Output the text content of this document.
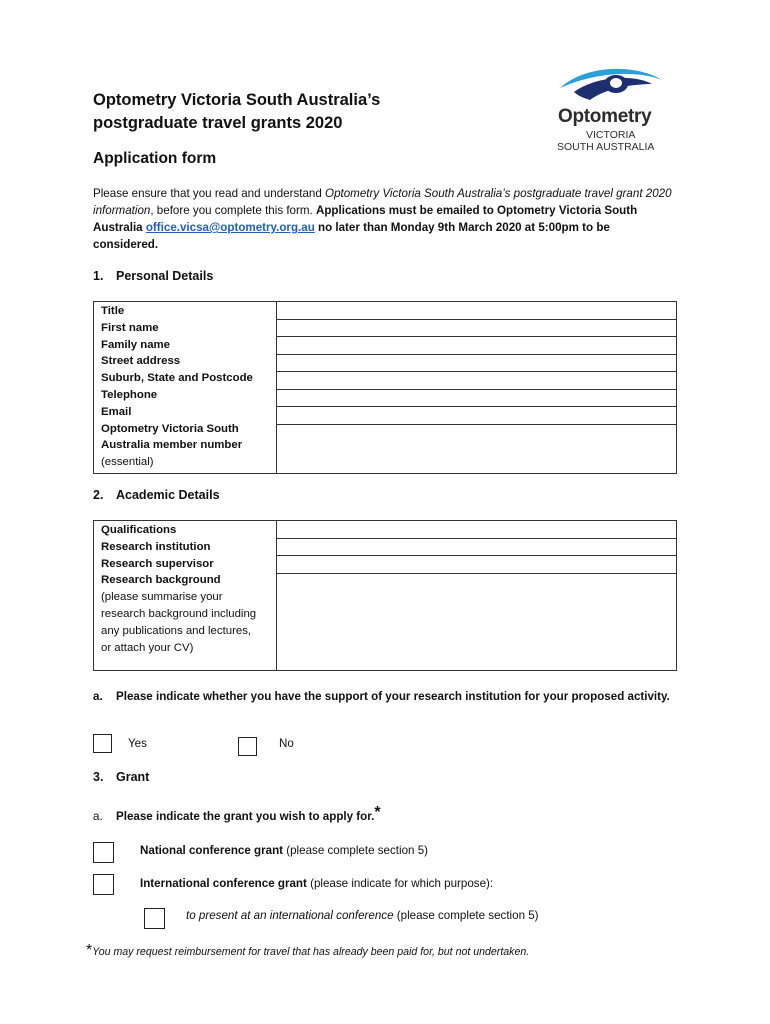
Optometry Victoria South Australia’s
postgraduate travel grants 2020	Optometry
VICTORIA
SOUTH AUSTRALIA
Application form
Please ensure that you read and understand Optometry Victoria South Australia’s postgraduate travel grant 2020 information, before you complete this form. Applications must be emailed to Optometry Victoria South Australia office.vicsa@optometry.org.au no later than Monday 9th March 2020 at 5:00pm to be considered.
1. Personal Details
Title
First name
Family name
Street address
Suburb, State and Postcode
Telephone
Email
Optometry Victoria South Australia member number
(essential)

2. Academic Details
Qualifications
Research institution
Research supervisor
Research background
(please summarise your research background including any publications and lectures, or attach your CV)

a. Please indicate whether you have the support of your research institution for your proposed activity.
Yes	No
3. Grant
a. Please indicate the grant you wish to apply for.*
National conference grant (please complete section 5)
International conference grant (please indicate for which purpose):
to present at an international conference (please complete section 5)
*You may request reimbursement for travel that has already been paid for, but not undertaken.
